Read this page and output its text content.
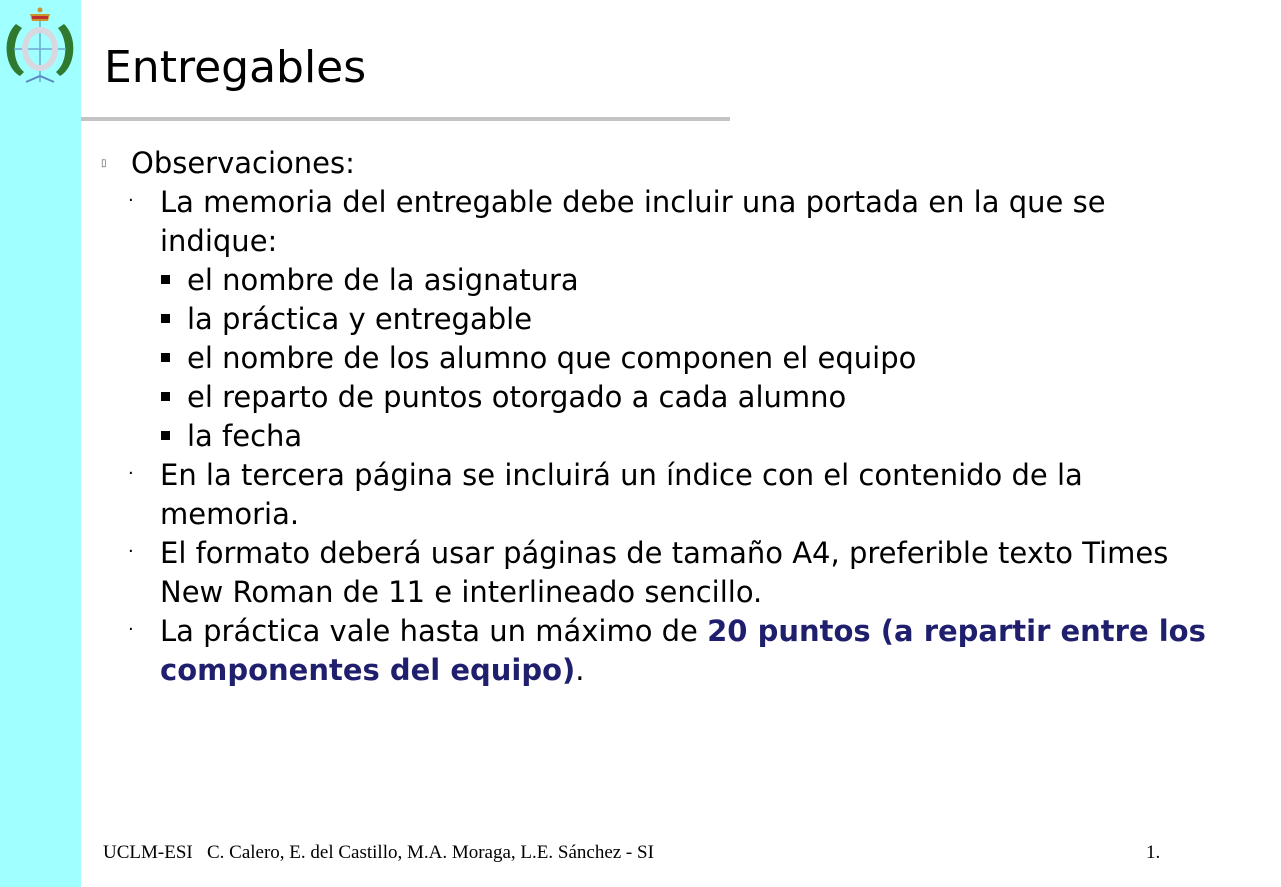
Entregables
▯ Observaciones:
· La memoria del entregable debe incluir una portada en la que se indique:
el nombre de la asignatura
la práctica y entregable
el nombre de los alumno que componen el equipo
el reparto de puntos otorgado a cada alumno
la fecha
· En la tercera página se incluirá un índice con el contenido de la memoria.
· El formato deberá usar páginas de tamaño A4, preferible texto Times New Roman de 11 e interlineado sencillo.
· La práctica vale hasta un máximo de 20 puntos (a repartir entre los componentes del equipo).
UCLM-ESI   C. Calero, E. del Castillo, M.A. Moraga, L.E. Sánchez - SI	1.
